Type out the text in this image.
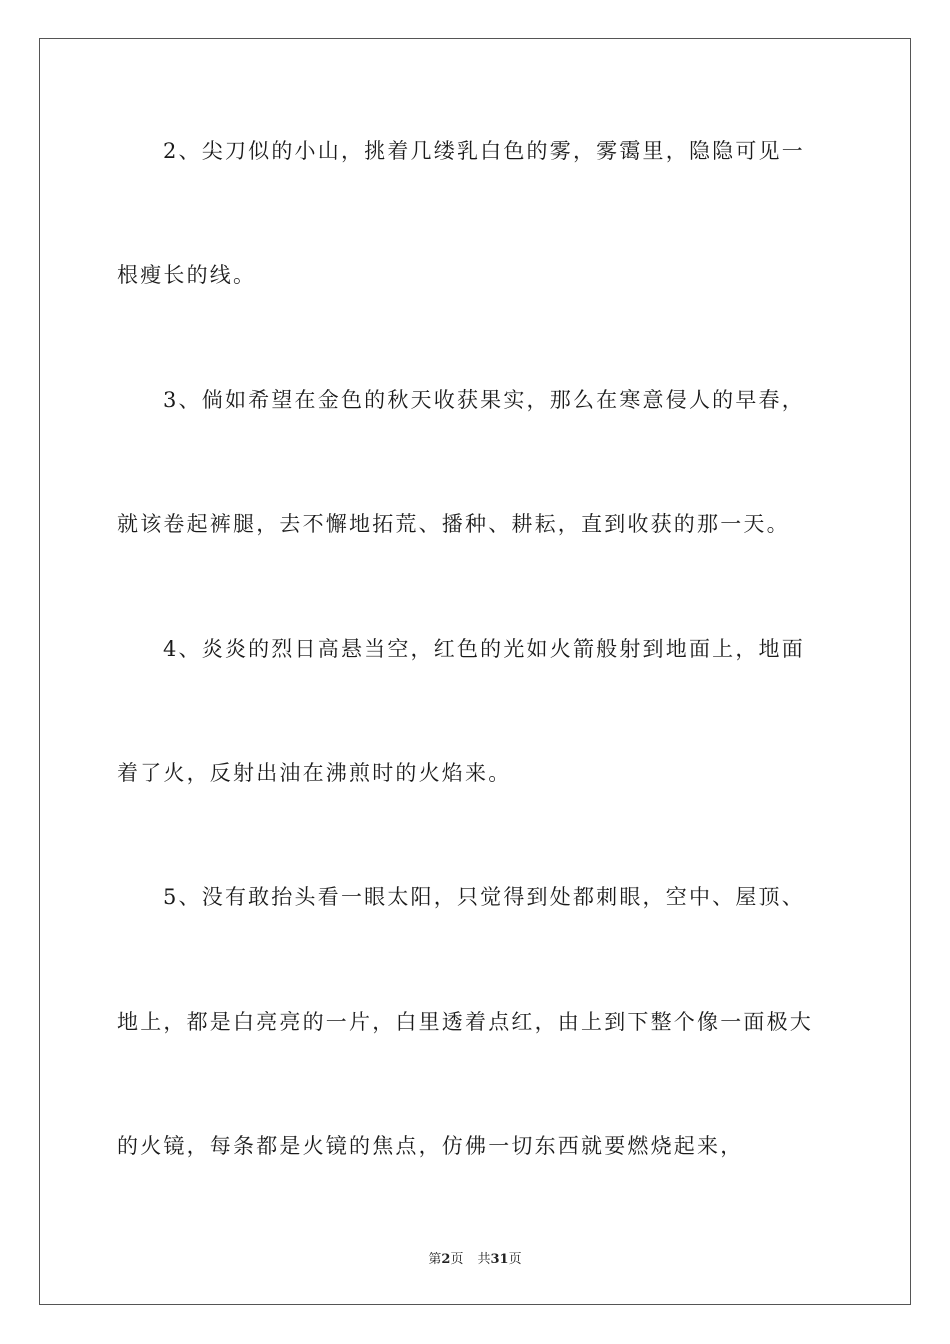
2、尖刀似的小山，挑着几缕乳白色的雾，雾霭里，隐隐可见一
根瘦长的线。
3、倘如希望在金色的秋天收获果实，那么在寒意侵人的早春，
就该卷起裤腿，去不懈地拓荒、播种、耕耘，直到收获的那一天。
4、炎炎的烈日高悬当空，红色的光如火箭般射到地面上，地面
着了火，反射出油在沸煎时的火焰来。
5、没有敢抬头看一眼太阳，只觉得到处都刺眼，空中、屋顶、
地上，都是白亮亮的一片，白里透着点红，由上到下整个像一面极大
的火镜，每条都是火镜的焦点，仿佛一切东西就要燃烧起来，
第2页 共31页
